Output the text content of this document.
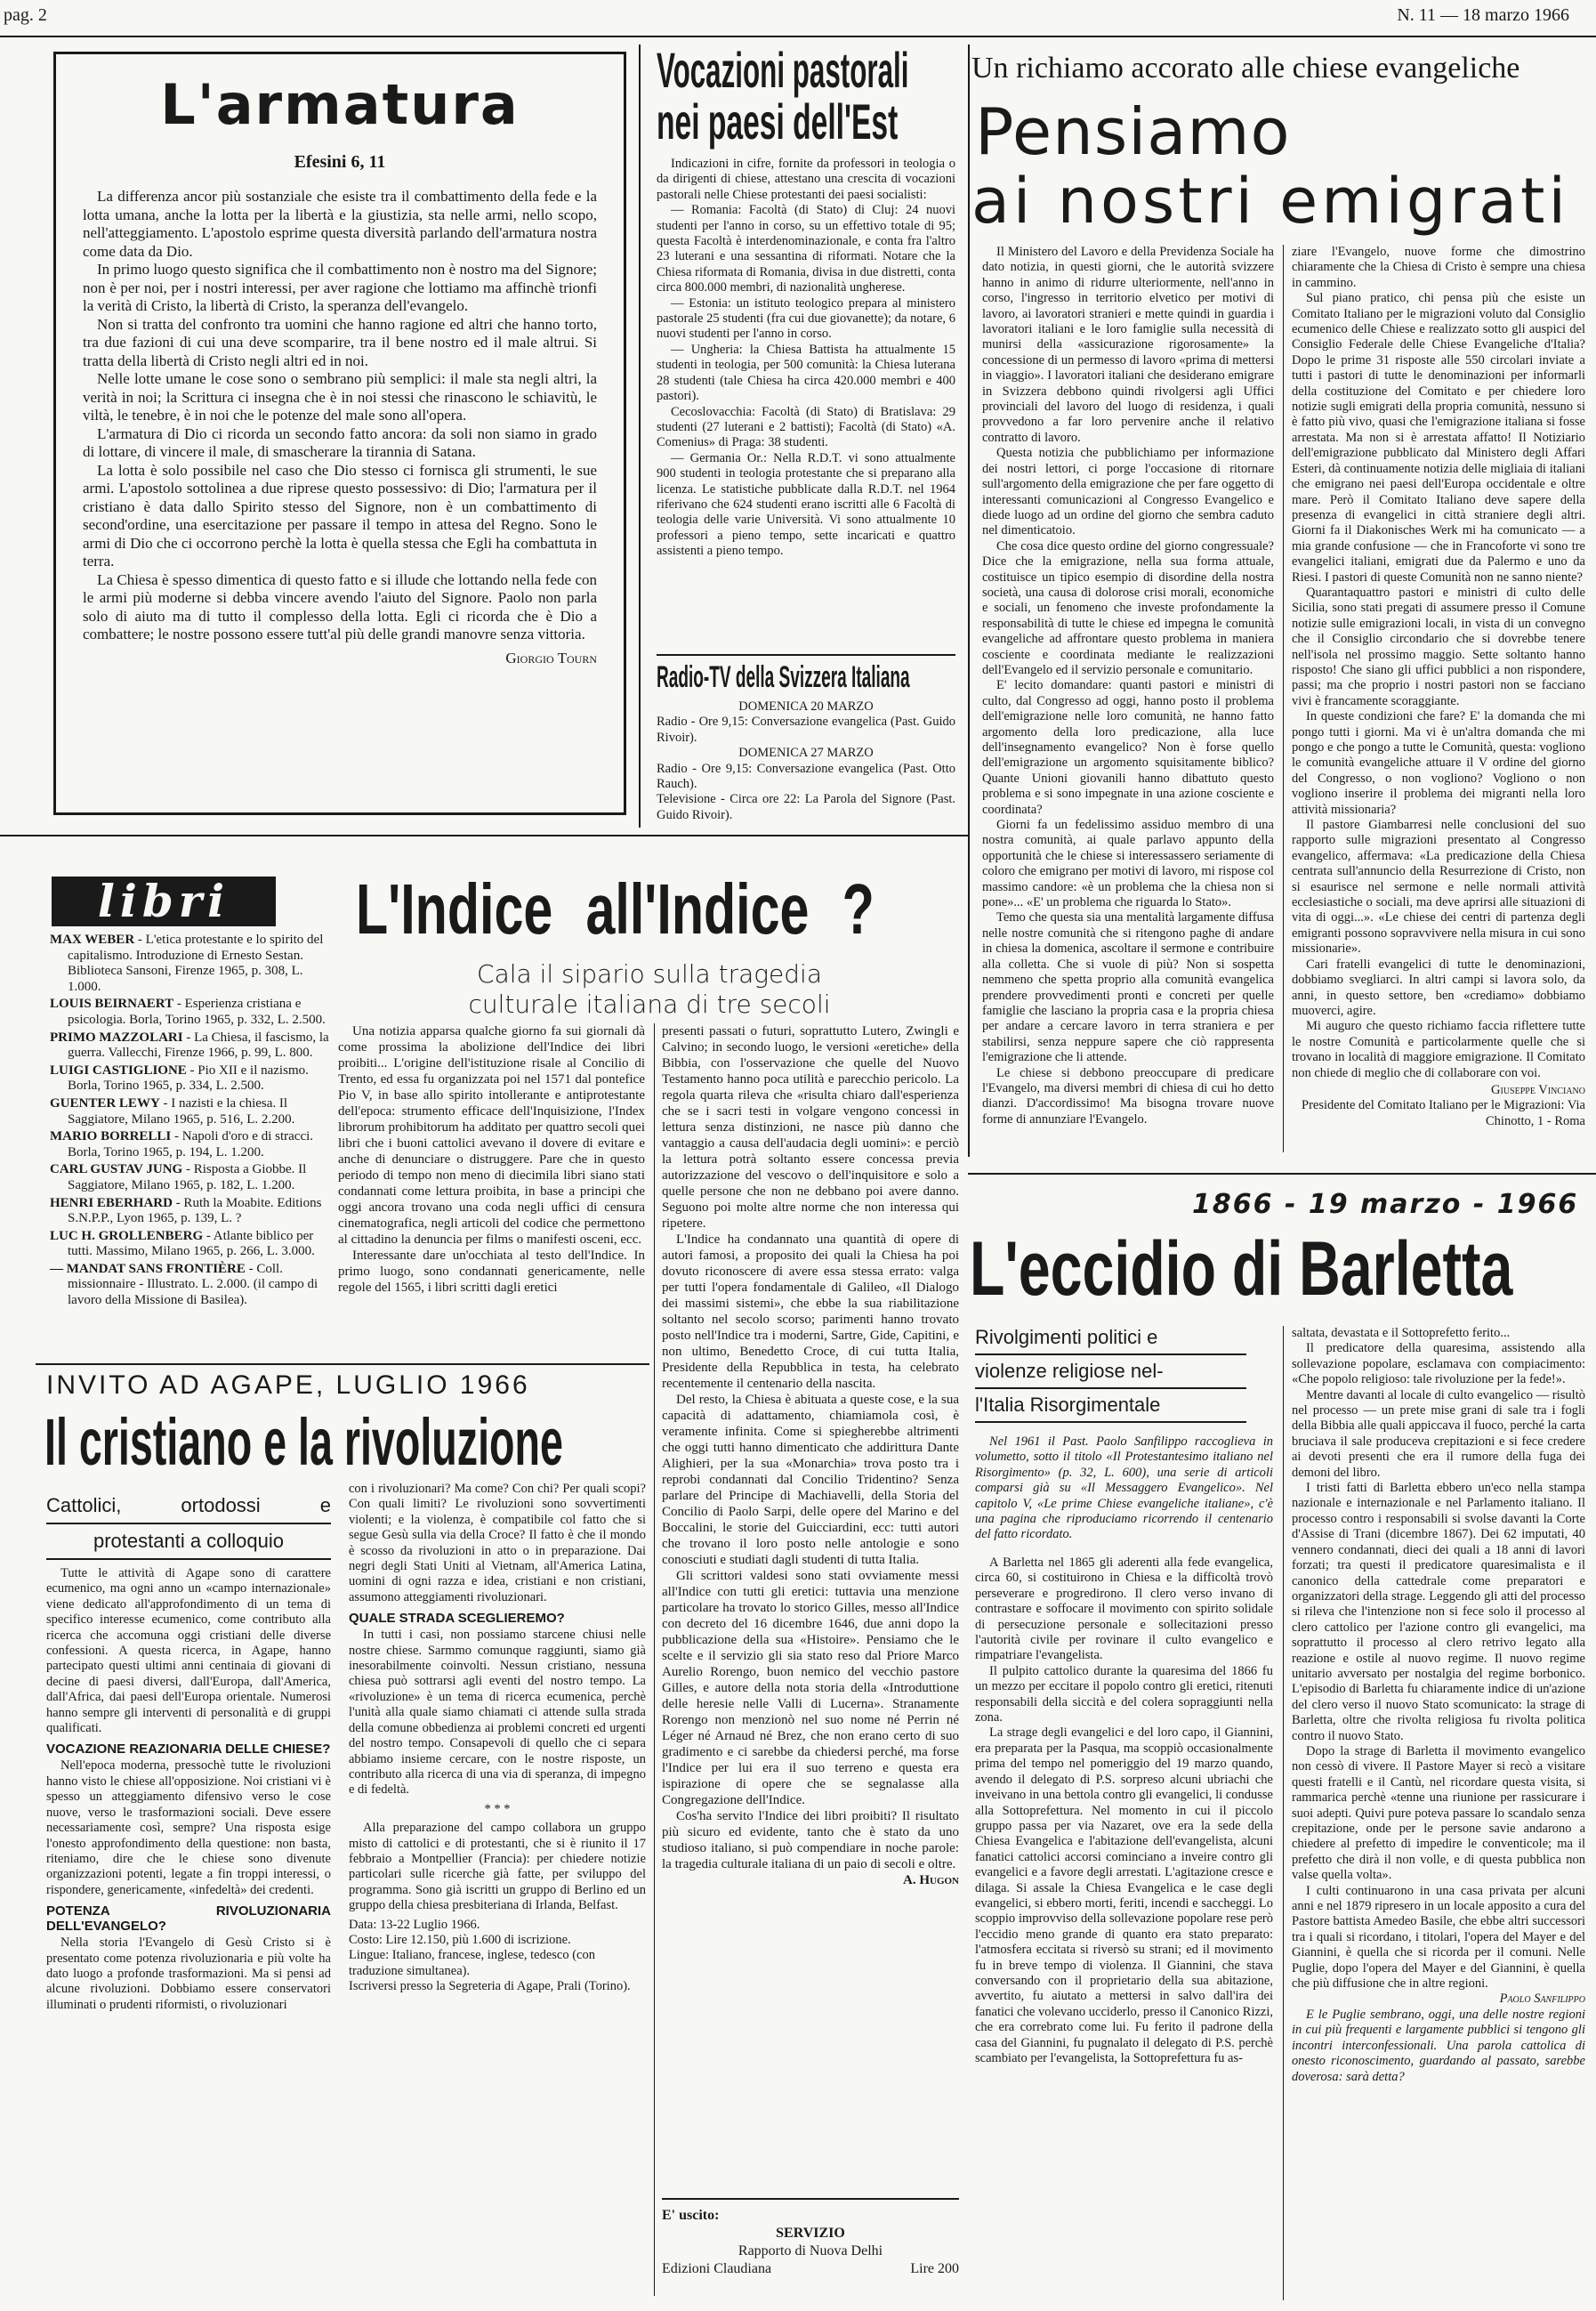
pag. 2	N. 11 — 18 marzo 1966
L'armatura
Efesini 6, 11

La differenza ancor più sostanziale che esiste tra il combattimento della fede e la lotta umana, anche la lotta per la libertà e la giustizia, sta nelle armi, nello scopo, nell'atteggiamento. L'apostolo esprime questa diversità parlando dell'armatura nostra come data da Dio.

In primo luogo questo significa che il combattimento non è nostro ma del Signore; non è per noi, per i nostri interessi, per aver ragione che lottiamo ma affinchè trionfi la verità di Cristo, la libertà di Cristo, la speranza dell'evangelo.

Non si tratta del confronto tra uomini che hanno ragione ed altri che hanno torto, tra due fazioni di cui una deve scomparire, tra il bene nostro ed il male altrui. Si tratta della libertà di Cristo negli altri ed in noi.

Nelle lotte umane le cose sono o sembrano più semplici: il male sta negli altri, la verità in noi; la Scrittura ci insegna che è in noi stessi che rinascono le schiavitù, le viltà, le tenebre, è in noi che le potenze del male sono all'opera.

L'armatura di Dio ci ricorda un secondo fatto ancora: da soli non siamo in grado di lottare, di vincere il male, di smascherare la tirannia di Satana.

La lotta è solo possibile nel caso che Dio stesso ci fornisca gli strumenti, le sue armi. L'apostolo sottolinea a due riprese questo possessivo: di Dio; l'armatura per il cristiano è data dallo Spirito stesso del Signore, non è un combattimento di second'ordine, una esercitazione per passare il tempo in attesa del Regno. Sono le armi di Dio che ci occorrono perchè la lotta è quella stessa che Egli ha combattuta in terra.

La Chiesa è spesso dimentica di questo fatto e si illude che lottando nella fede con le armi più moderne si debba vincere avendo l'aiuto del Signore. Paolo non parla solo di aiuto ma di tutto il complesso della lotta. Egli ci ricorda che è Dio a combattere; le nostre possono essere tutt'al più delle grandi manovre senza vittoria.

Giorgio Tourn
Vocazioni pastorali
nei paesi dell'Est

Indicazioni in cifre, fornite da professori in teologia o da dirigenti di chiese, attestano una crescita di vocazioni pastorali nelle Chiese protestanti dei paesi socialisti:

— Romania: Facoltà (di Stato) di Cluj: 24 nuovi studenti per l'anno in corso, su un effettivo totale di 95; questa Facoltà è interdenominazionale, e conta fra l'altro 23 luterani e una sessantina di riformati. Notare che la Chiesa riformata di Romania, divisa in due distretti, conta circa 800.000 membri, di nazionalità ungherese.

— Estonia: un istituto teologico prepara al ministero pastorale 25 studenti (fra cui due giovanette); da notare, 6 nuovi studenti per l'anno in corso.

— Ungheria: la Chiesa Battista ha attualmente 15 studenti in teologia, per 500 comunità: la Chiesa luterana 28 studenti (tale Chiesa ha circa 420.000 membri e 400 pastori).

Cecoslovacchia: Facoltà (di Stato) di Bratislava: 29 studenti (27 luterani e 2 battisti); Facoltà (di Stato) «A. Comenius» di Praga: 38 studenti.

— Germania Or.: Nella R.D.T. vi sono attualmente 900 studenti in teologia protestante che si preparano alla licenza. Le statistiche pubblicate dalla R.D.T. nel 1964 riferivano che 624 studenti erano iscritti alle 6 Facoltà di teologia delle varie Università. Vi sono attualmente 10 professori a pieno tempo, sette incaricati e quattro assistenti a pieno tempo.

Radio-TV della Svizzera Italiana
DOMENICA 20 MARZO
Radio - Ore 9,15: Conversazione evangelica (Past. Guido Rivoir).
DOMENICA 27 MARZO
Radio - Ore 9,15: Conversazione evangelica (Past. Otto Rauch).
Televisione - Circa ore 22: La Parola del Signore (Past. Guido Rivoir).
Un richiamo accorato alle chiese evangeliche
Pensiamo
ai nostri emigrati

Il Ministero del Lavoro e della Previdenza Sociale ha dato notizia, in questi giorni, che le autorità svizzere hanno in animo di ridurre ulteriormente, nell'anno in corso, l'ingresso in territorio elvetico per motivi di lavoro, ai lavoratori stranieri e mette quindi in guardia i lavoratori italiani e le loro famiglie sulla necessità di munirsi della «assicurazione rigorosamente» la concessione di un permesso di lavoro «prima di mettersi in viaggio». I lavoratori italiani che desiderano emigrare in Svizzera debbono quindi rivolgersi agli Uffici provinciali del lavoro del luogo di residenza, i quali provvedono a far loro pervenire anche il relativo contratto di lavoro.

Questa notizia che pubblichiamo per informazione dei nostri lettori, ci porge l'occasione di ritornare sull'argomento della emigrazione che per fare oggetto di interessanti comunicazioni al Congresso Evangelico e diede luogo ad un ordine del giorno che sembra caduto nel dimenticatoio.

Che cosa dice questo ordine del giorno congressuale? Dice che la emigrazione, nella sua forma attuale, costituisce un tipico esempio di disordine della nostra società, una causa di dolorose crisi morali, economiche e sociali, un fenomeno che investe profondamente la responsabilità di tutte le chiese ed impegna le comunità evangeliche ad affrontare questo problema in maniera cosciente e coordinata mediante le realizzazioni dell'Evangelo ed il servizio personale e comunitario.

E' lecito domandare: quanti pastori e ministri di culto, dal Congresso ad oggi, hanno posto il problema dell'emigrazione nelle loro comunità, ne hanno fatto argomento della loro predicazione, alla luce dell'insegnamento evangelico? Non è forse quello dell'emigrazione un argomento squisitamente biblico? Quante Unioni giovanili hanno dibattuto questo problema e si sono impegnate in una azione cosciente e coordinata?

Giorni fa un fedelissimo assiduo membro di una nostra comunità, ai quale parlavo appunto della opportunità che le chiese si interessassero seriamente di coloro che emigrano per motivi di lavoro, mi rispose col massimo candore: «è un problema che la chiesa non si pone»... «E' un problema che riguarda lo Stato».

Temo che questa sia una mentalità largamente diffusa nelle nostre comunità che si ritengono paghe di andare in chiesa la domenica, ascoltare il sermone e contribuire alla colletta. Che si vuole di più? Non si sospetta nemmeno che spetta proprio alla comunità evangelica prendere provvedimenti pronti e concreti per quelle famiglie che lasciano la propria casa e la propria chiesa per andare a cercare lavoro in terra straniera e per stabilirsi, senza neppure sapere che ciò rappresenta l'emigrazione che li attende.

Le chiese si debbono preoccupare di predicare l'Evangelo, ma diversi membri di chiesa di cui ho detto dianzi. D'accordissimo! Ma bisogna trovare nuove forme di annunziare l'Evangelo.

ziare l'Evangelo, nuove forme che dimostrino chiaramente che la Chiesa di Cristo è sempre una chiesa in cammino.

Sul piano pratico, chi pensa più che esiste un Comitato Italiano per le migrazioni voluto dal Consiglio ecumenico delle Chiese e realizzato sotto gli auspici del Consiglio Federale delle Chiese Evangeliche d'Italia? Dopo le prime 31 risposte alle 550 circolari inviate a tutti i pastori di tutte le denominazioni per informarli della costituzione del Comitato e per chiedere loro notizie sugli emigrati della propria comunità, nessuno si è fatto più vivo, quasi che l'emigrazione italiana si fosse arrestata. Ma non si è arrestata affatto! Il Notiziario dell'emigrazione pubblicato dal Ministero degli Affari Esteri, dà continuamente notizia delle migliaia di italiani che emigrano nei paesi dell'Europa occidentale e oltre mare. Però il Comitato Italiano deve sapere della presenza di evangelici in città straniere degli altri. Giorni fa il Diakonisches Werk mi ha comunicato — a mia grande confusione — che in Francoforte vi sono tre evangelici italiani, emigrati due da Palermo e uno da Riesi. I pastori di queste Comunità non ne sanno niente?

Quarantaquattro pastori e ministri di culto delle Sicilia, sono stati pregati di assumere presso il Comune notizie sulle emigrazioni locali, in vista di un convegno che il Consiglio circondario che si dovrebbe tenere nell'isola nel prossimo maggio. Sette soltanto hanno risposto! Che siano gli uffici pubblici a non rispondere, passi; ma che proprio i nostri pastori non se facciano vivi è francamente scoraggiante.

In queste condizioni che fare? E' la domanda che mi pongo tutti i giorni. Ma vi è un'altra domanda che mi pongo e che pongo a tutte le Comunità, questa: vogliono le comunità evangeliche attuare il V ordine del giorno del Congresso, o non vogliono? Vogliono o non vogliono inserire il problema dei migranti nella loro attività missionaria?

Il pastore Giambarresi nelle conclusioni del suo rapporto sulle migrazioni presentato al Congresso evangelico, affermava: «La predicazione della Chiesa centrata sull'annuncio della Resurrezione di Cristo, non si esaurisce nel sermone e nelle normali attività ecclesiastiche o sociali, ma deve aprirsi alle situazioni di vita di oggi...». «Le chiese dei centri di partenza degli emigranti possono sopravvivere nella misura in cui sono missionarie».

Cari fratelli evangelici di tutte le denominazioni, dobbiamo svegliarci. In altri campi si lavora solo, da anni, in questo settore, ben «crediamo» dobbiamo muoverci, agire.

Mi auguro che questo richiamo faccia riflettere tutte le nostre Comunità e particolarmente quelle che si trovano in località di maggiore emigrazione. Il Comitato non chiede di meglio che di collaborare con voi.

Giuseppe Vinciano
Presidente del Comitato Italiano per le Migrazioni: Via Chinotto, 1 - Roma
libri

MAX WEBER - L'etica protestante e lo spirito del capitalismo. Introduzione di Ernesto Sestan. Biblioteca Sansoni, Firenze 1965, p. 308, L. 1.000.

LOUIS BEIRNAERT - Esperienza cristiana e psicologia. Borla, Torino 1965, p. 332, L. 2.500.

PRIMO MAZZOLARI - La Chiesa, il fascismo, la guerra. Vallecchi, Firenze 1966, p. 99, L. 800.

LUIGI CASTIGLIONE - Pio XII e il nazismo. Borla, Torino 1965, p. 334, L. 2.500.

GUENTER LEWY - I nazisti e la chiesa. Il Saggiatore, Milano 1965, p. 516, L. 2.200.

MARIO BORRELLI - Napoli d'oro e di stracci. Borla, Torino 1965, p. 194, L. 1.200.

CARL GUSTAV JUNG - Risposta a Giobbe. Il Saggiatore, Milano 1965, p. 182, L. 1.200.

HENRI EBERHARD - Ruth la Moabite. Editions S.N.P.P., Lyon 1965, p. 139, L. ?

LUC H. GROLLENBERG - Atlante biblico per tutti. Massimo, Milano 1965, p. 266, L. 3.000.

— MANDAT SANS FRONTIÈRE - Coll. missionnaire - Illustrato. L. 2.000. (il campo di lavoro della Missione di Basilea).

L'Indice all'Indice ?
Cala il sipario sulla tragedia
culturale italiana di tre secoli

Una notizia apparsa qualche giorno fa sui giornali dà come prossima la abolizione dell'Indice dei libri proibiti... L'origine dell'istituzione risale al Concilio di Trento, ed essa fu organizzata poi nel 1571 dal pontefice Pio V, in base allo spirito intollerante e antiprotestante dell'epoca: strumento efficace dell'Inquisizione, l'Index librorum prohibitorum ha additato per quattro secoli quei libri che i buoni cattolici avevano il dovere di evitare e anche di denunciare o distruggere. Pare che in questo periodo di tempo non meno di diecimila libri siano stati condannati come lettura proibita, in base a principi che oggi ancora trovano una coda negli uffici di censura cinematografica, negli articoli del codice che permettono al cittadino la denuncia per films o manifesti osceni, ecc.

Interessante dare un'occhiata al testo dell'Indice. In primo luogo, sono condannati genericamente, nelle regole del 1565, i libri scritti dagli eretici

presenti passati o futuri, soprattutto Lutero, Zwingli e Calvino; in secondo luogo, le versioni «eretiche» della Bibbia, con l'osservazione che quelle del Nuovo Testamento hanno poca utilità e parecchio pericolo. La regola quarta rileva che «risulta chiaro dall'esperienza che se i sacri testi in volgare vengono concessi in lettura senza distinzioni, ne nasce più danno che vantaggio a causa dell'audacia degli uomini»: e perciò la lettura potrà soltanto essere concessa previa autorizzazione del vescovo o dell'inquisitore e solo a quelle persone che non ne debbano poi avere danno. Seguono poi molte altre norme che non interessa qui ripetere.

L'Indice ha condannato una quantità di opere di autori famosi, a proposito dei quali la Chiesa ha poi dovuto riconoscere di avere essa stessa errato: valga per tutti l'opera fondamentale di Galileo, «Il Dialogo dei massimi sistemi», che ebbe la sua riabilitazione soltanto nel secolo scorso; parimenti hanno trovato posto nell'Indice tra i moderni, Sartre, Gide, Capitini, e non ultimo, Benedetto Croce, di cui tutta Italia, Presidente della Repubblica in testa, ha celebrato recentemente il centenario della nascita.

Del resto, la Chiesa è abituata a queste cose, e la sua capacità di adattamento, chiamiamola così, è veramente infinita. Come si spiegherebbe altrimenti che oggi tutti hanno dimenticato che addirittura Dante Alighieri, per la sua «Monarchia» trova posto tra i reprobi condannati dal Concilio Tridentino? Senza parlare del Principe di Machiavelli, della Storia del Concilio di Paolo Sarpi, delle opere del Marino e del Boccalini, le storie del Guicciardini, ecc: tutti autori che trovano il loro posto nelle antologie e sono conosciuti e studiati dagli studenti di tutta Italia.

Gli scrittori valdesi sono stati ovviamente messi all'Indice con tutti gli eretici: tuttavia una menzione particolare ha trovato lo storico Gilles, messo all'Indice con decreto del 16 dicembre 1646, due anni dopo la pubblicazione della sua «Histoire». Pensiamo che le scelte e il servizio gli sia stato reso dal Priore Marco Aurelio Rorengo, buon nemico del vecchio pastore Gilles, e autore della nota storia della «Introduttione delle heresie nelle Valli di Lucerna». Stranamente Rorengo non menzionò nel suo nome né Perrin né Léger né Arnaud né Brez, che non erano certo di suo gradimento e ci sarebbe da chiedersi perché, ma forse l'Indice per lui era il suo terreno e questa era ispirazione di opere che se segnalasse alla Congregazione dell'Indice.

Cos'ha servito l'Indice dei libri proibiti? Il risultato più sicuro ed evidente, tanto che è stato da uno studioso italiano, si può compendiare in noche parole: la tragedia culturale italiana di un paio di secoli e oltre.

A. Hugon
E' uscito:
SERVIZIO
Rapporto di Nuova Delhi
Edizioni Claudiana	Lire 200
INVITO AD AGAPE, LUGLIO 1966
Il cristiano e la rivoluzione
Cattolici, ortodossi e
protestanti a colloquio

Tutte le attività di Agape sono di carattere ecumenico, ma ogni anno un «campo internazionale» viene dedicato all'approfondimento di un tema di specifico interesse ecumenico, come contributo alla ricerca che accomuna oggi cristiani delle diverse confessioni. A questa ricerca, in Agape, hanno partecipato questi ultimi anni centinaia di giovani di decine di paesi diversi, dall'Europa, dall'America, dall'Africa, dai paesi dell'Europa orientale. Numerosi hanno sempre gli interventi di personalità e di gruppi qualificati.

VOCAZIONE REAZIONARIA DELLE CHIESE?

Nell'epoca moderna, pressochè tutte le rivoluzioni hanno visto le chiese all'opposizione. Noi cristiani vi è spesso un atteggiamento difensivo verso le cose nuove, verso le trasformazioni sociali. Deve essere necessariamente così, sempre? Una risposta esige l'onesto approfondimento della questione: non basta, riteniamo, dire che le chiese sono divenute organizzazioni potenti, legate a fin troppi interessi, o rispondere, genericamente, «infedeltà» dei credenti.

POTENZA RIVOLUZIONARIA DELL'EVANGELO?

Nella storia l'Evangelo di Gesù Cristo si è presentato come potenza rivoluzionaria e più volte ha dato luogo a profonde trasformazioni. Ma si pensi ad alcune rivoluzioni. Dobbiamo essere conservatori illuminati o prudenti riformisti, o rivoluzionari

con i rivoluzionari? Ma come? Con chi? Per quali scopi? Con quali limiti? Le rivoluzioni sono sovvertimenti violenti; e la violenza, è compatibile col fatto che si segue Gesù sulla via della Croce? Il fatto è che il mondo è scosso da rivoluzioni in atto o in preparazione. Dai negri degli Stati Uniti al Vietnam, all'America Latina, uomini di ogni razza e idea, cristiani e non cristiani, assumono atteggiamenti rivoluzionari.

QUALE STRADA SCEGLIEREMO?

In tutti i casi, non possiamo starcene chiusi nelle nostre chiese. Sarmmo comunque raggiunti, siamo già inesorabilmente coinvolti. Nessun cristiano, nessuna chiesa può sottrarsi agli eventi del nostro tempo. La «rivoluzione» è un tema di ricerca ecumenica, perchè l'unità alla quale siamo chiamati ci attende sulla strada della comune obbedienza ai problemi concreti ed urgenti del nostro tempo. Consapevoli di quello che ci separa abbiamo insieme cercare, con le nostre risposte, un contributo alla ricerca di una via di speranza, di impegno e di fedeltà.

* * *

Alla preparazione del campo collabora un gruppo misto di cattolici e di protestanti, che si è riunito il 17 febbraio a Montpellier (Francia): per chiedere notizie particolari sulle ricerche già fatte, per sviluppo del programma. Sono già iscritti un gruppo di Berlino ed un gruppo della chiesa presbiteriana di Irlanda, Belfast.

Data: 13-22 Luglio 1966.
Costo: Lire 12.150, più 1.600 di iscrizione.
Lingue: Italiano, francese, inglese, tedesco (con traduzione simultanea).
Iscriversi presso la Segreteria di Agape, Prali (Torino).
1866 - 19 marzo - 1966
L'eccidio di Barletta
Rivolgimenti politici e
violenze religiose nel-
l'Italia Risorgimentale

Nel 1961 il Past. Paolo Sanfilippo raccoglieva in volumetto, sotto il titolo «Il Protestantesimo italiano nel Risorgimento» (p. 32, L. 600), una serie di articoli comparsi già su «Il Messaggero Evangelico». Nel capitolo V, «Le prime Chiese evangeliche italiane», c'è una pagina che riproduciamo ricorrendo il centenario del fatto ricordato.

A Barletta nel 1865 gli aderenti alla fede evangelica, circa 60, si costituirono in Chiesa e la difficoltà trovò perseverare e progredirono. Il clero verso invano di contrastare e soffocare il movimento con spirito solidale di persecuzione personale e sollecitazioni presso l'autorità civile per rovinare il culto evangelico e rimpatriare l'evangelista.

Il pulpito cattolico durante la quaresima del 1866 fu un mezzo per eccitare il popolo contro gli eretici, ritenuti responsabili della siccità e del colera sopraggiunti nella zona.

La strage degli evangelici e del loro capo, il Giannini, era preparata per la Pasqua, ma scoppiò occasionalmente prima del tempo nel pomeriggio del 19 marzo quando, avendo il delegato di P.S. sorpreso alcuni ubriachi che inveivano in una bettola contro gli evangelici, li condusse alla Sottoprefettura. Nel momento in cui il piccolo gruppo passa per via Nazaret, ove era la sede della Chiesa Evangelica e l'abitazione dell'evangelista, alcuni fanatici cattolici accorsi cominciano a inveire contro gli evangelici e a favore degli arrestati. L'agitazione cresce e dilaga. Si assale la Chiesa Evangelica e le case degli evangelici, si ebbero morti, feriti, incendi e saccheggi. Lo scoppio improvviso della sollevazione popolare rese però l'eccidio meno grande di quanto era stato preparato: l'atmosfera eccitata si riversò su strani; ed il movimento fu in breve tempo di violenza. Il Giannini, che stava conversando con il proprietario della sua abitazione, avvertito, fu aiutato a mettersi in salvo dall'ira dei fanatici che volevano ucciderlo, presso il Canonico Rizzi, che era correbrato come lui. Fu ferito il padrone della casa del Giannini, fu pugnalato il delegato di P.S. perchè scambiato per l'evangelista, la Sottoprefettura fu as-

saltata, devastata e il Sottoprefetto ferito...

Il predicatore della quaresima, assistendo alla sollevazione popolare, esclamava con compiacimento: «Che popolo religioso: tale rivoluzione per la fede!».

Mentre davanti al locale di culto evangelico — risultò nel processo — un prete mise grani di sale tra i fogli della Bibbia alle quali appiccava il fuoco, perché la carta bruciava il sale produceva crepitazioni e si fece credere ai devoti presenti che era il rumore della fuga dei demoni del libro.

I tristi fatti di Barletta ebbero un'eco nella stampa nazionale e internazionale e nel Parlamento italiano. Il processo contro i responsabili si svolse davanti la Corte d'Assise di Trani (dicembre 1867). Dei 62 imputati, 40 vennero condannati, dieci dei quali a 18 anni di lavori forzati; tra questi il predicatore quaresimalista e il canonico della cattedrale come preparatori e organizzatori della strage. Leggendo gli atti del processo si rileva che l'intenzione non si fece solo il processo al clero cattolico per l'azione contro gli evangelici, ma soprattutto il processo al clero retrivo legato alla reazione e ostile al nuovo regime. Il nuovo regime unitario avversato per nostalgia del regime borbonico. L'episodio di Barletta fu chiaramente indice di un'azione del clero verso il nuovo Stato scomunicato: la strage di Barletta, oltre che rivolta religiosa fu rivolta politica contro il nuovo Stato.

Dopo la strage di Barletta il movimento evangelico non cessò di vivere. Il Pastore Mayer si recò a visitare questi fratelli e il Cantù, nel ricordare questa visita, si rammarica perchè «tenne una riunione per rassicurare i suoi adepti. Quivi pure poteva passare lo scandalo senza crepitazione, onde per le persone savie andarono a chiedere al prefetto di impedire le conventicole; ma il prefetto che dirà il non volle, e di questa pubblica non valse quella volta».

I culti continuarono in una casa privata per alcuni anni e nel 1879 ripresero in un locale apposito a cura del Pastore battista Amedeo Basile, che ebbe altri successori tra i quali si ricordano, i titolari, l'opera del Mayer e del Giannini, è quella che si ricorda per il comuni. Nelle Puglie, dopo l'opera del Mayer e del Giannini, è quella che più diffusione che in altre regioni.

Paolo Sanfilippo

E le Puglie sembrano, oggi, una delle nostre regioni in cui più frequenti e largamente pubblici si tengono gli incontri interconfessionali. Una parola cattolica di onesto riconoscimento, guardando al passato, sarebbe doverosa: sarà detta?
